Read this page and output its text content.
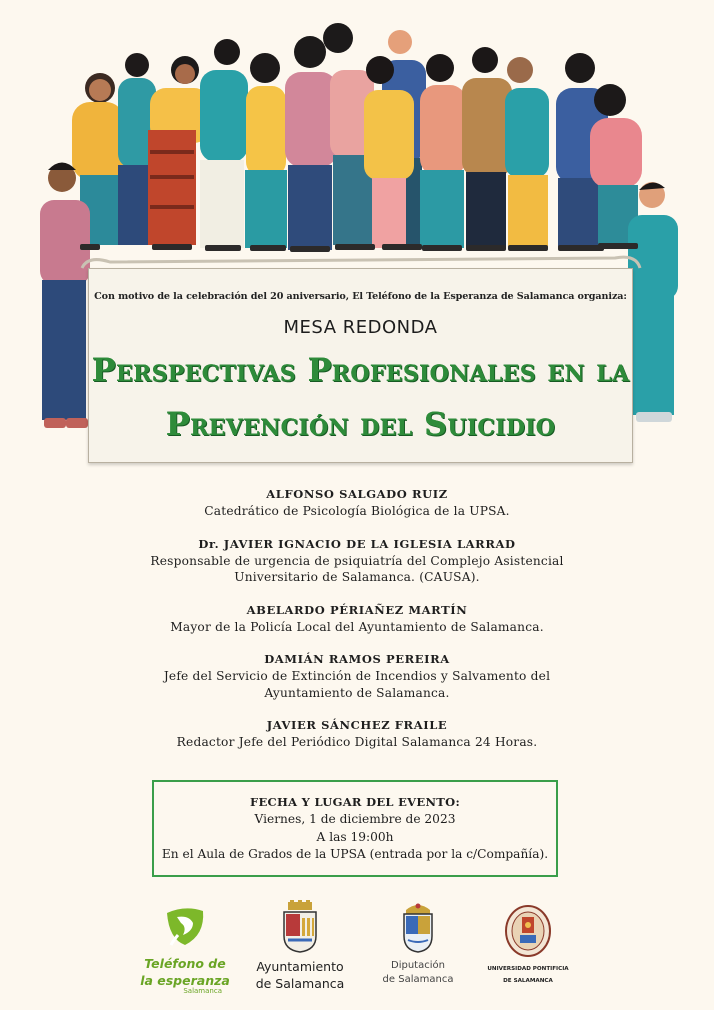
Con motivo de la celebración del 20 aniversario, El Teléfono de la Esperanza de Salamanca organiza:
MESA REDONDA
Perspectivas Profesionales en la
Prevención del Suicidio
ALFONSO SALGADO RUIZ
Catedrático de Psicología Biológica de la UPSA.
Dr. JAVIER IGNACIO DE LA IGLESIA LARRAD
Responsable de urgencia de psiquiatría del Complejo Asistencial
Universitario de Salamanca. (CAUSA).
ABELARDO PÉRIAÑEZ MARTÍN
Mayor de la Policía Local del Ayuntamiento de Salamanca.
DAMIÁN RAMOS PEREIRA
Jefe del Servicio de Extinción de Incendios y Salvamento del
Ayuntamiento de Salamanca.
JAVIER SÁNCHEZ FRAILE
Redactor Jefe del Periódico Digital Salamanca 24 Horas.
FECHA Y LUGAR DEL EVENTO:
Viernes, 1 de diciembre de 2023
A las 19:00h
En el Aula de Grados de la UPSA (entrada por la c/Compañía).
Teléfono de
la esperanza
Salamanca
Ayuntamiento
de Salamanca
Diputación
de Salamanca
UNIVERSIDAD PONTIFICIA
DE SALAMANCA
